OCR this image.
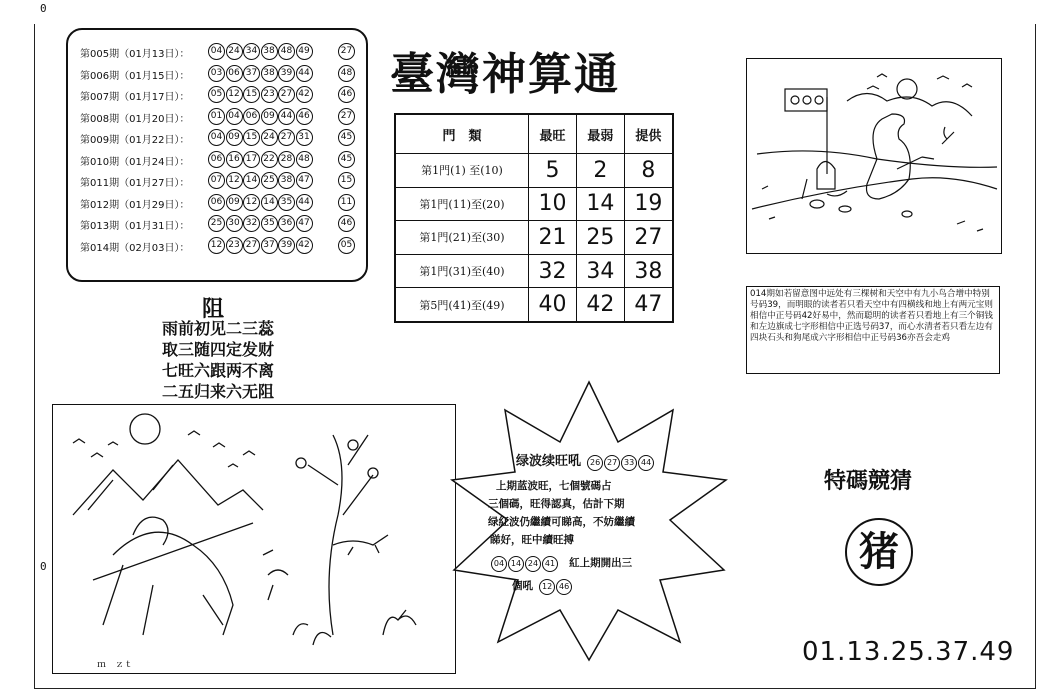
0
0
第005期（01月13日）：	04 24 34 38 48 49	27
第006期（01月15日）：	03 06 37 38 39 44	48
第007期（01月17日）：	05 12 15 23 27 42	46
第008期（01月20日）：	01 04 06 09 44 46	27
第009期（01月22日）：	04 09 15 24 27 31	45
第010期（01月24日）：	06 16 17 22 28 48	45
第011期（01月27日）：	07 12 14 25 38 47	15
第012期（01月29日）：	06 09 12 14 35 44	11
第013期（01月31日）：	25 30 32 35 36 47	46
第014期（02月03日）：	12 23 27 37 39 42	05
臺灣神算通
門　類	最旺	最弱	提供
第1門(1) 至(10)	5	2	8
第1門(11)至(20)	10	14	19
第1門(21)至(30)	21	25	27
第1門(31)至(40)	32	34	38
第5門(41)至(49)	40	42	47
阻
雨前初见二三蕊
取三随四定发财
七旺六跟两不离
二五归来六无阻
014期如若留意图中远处有三棵树和天空中有九小鸟合增中特别号码39，而明眼的读者若只看天空中有四横线和地上有两元宝则相信中正号码42好易中，然而聪明的读者若只看地上有三个铜钱和左边旗成七字形相信中正选号码37，而心水清者若只看左边有四块石头和狗尾成六字形相信中正号码36亦吾会走鸡
ｍ　ｚｔ
绿波续旺吼 26 27 33 44
上期蓝波旺，七個號碼占
三個碼，旺得認真，估計下期
绿紅波仍繼續可睇高，不妨繼續
睇好，旺中續旺搏
04 14 24 41 紅上期開出三
個吼 12 46
特碼競猜
猪
01.13.25.37.49
